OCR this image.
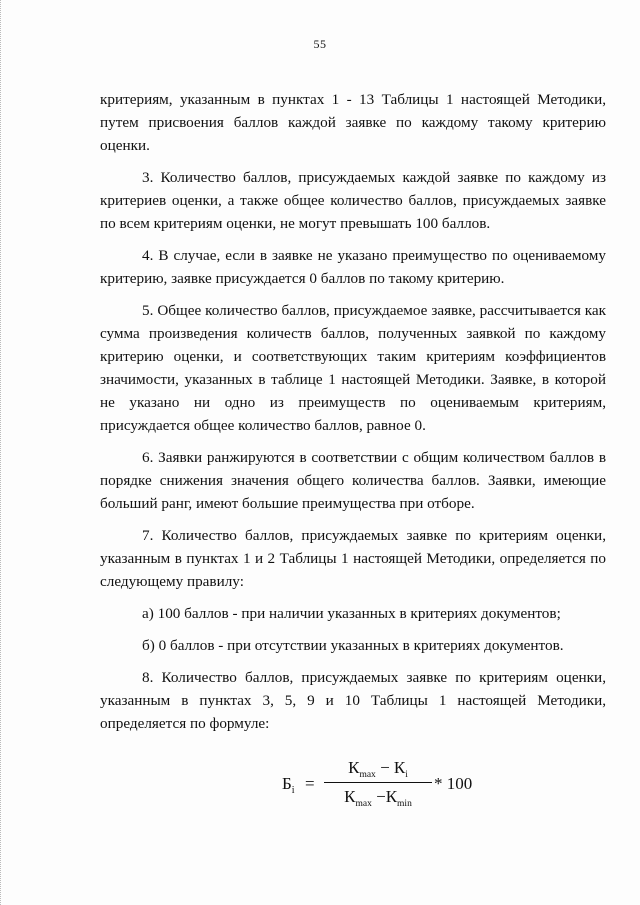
55

критериям, указанным в пунктах 1 - 13 Таблицы 1 настоящей Методики, путем присвоения баллов каждой заявке по каждому такому критерию оценки.

3. Количество баллов, присуждаемых каждой заявке по каждому из критериев оценки, а также общее количество баллов, присуждаемых заявке по всем критериям оценки, не могут превышать 100 баллов.

4. В случае, если в заявке не указано преимущество по оцениваемому критерию, заявке присуждается 0 баллов по такому критерию.

5. Общее количество баллов, присуждаемое заявке, рассчитывается как сумма произведения количеств баллов, полученных заявкой по каждому критерию оценки, и соответствующих таким критериям коэффициентов значимости, указанных в таблице 1 настоящей Методики. Заявке, в которой не указано ни одно из преимуществ по оцениваемым критериям, присуждается общее количество баллов, равное 0.

6. Заявки ранжируются в соответствии с общим количеством баллов в порядке снижения значения общего количества баллов. Заявки, имеющие больший ранг, имеют большие преимущества при отборе.

7. Количество баллов, присуждаемых заявке по критериям оценки, указанным в пунктах 1 и 2 Таблицы 1 настоящей Методики, определяется по следующему правилу:

а) 100 баллов - при наличии указанных в критериях документов;

б) 0 баллов - при отсутствии указанных в критериях документов.

8. Количество баллов, присуждаемых заявке по критериям оценки, указанным в пунктах 3, 5, 9 и 10 Таблицы 1 настоящей Методики, определяется по формуле:

$Б_i$ =
$К_{max} - К_i$
$К_{max} -К_{min}$
* 100
